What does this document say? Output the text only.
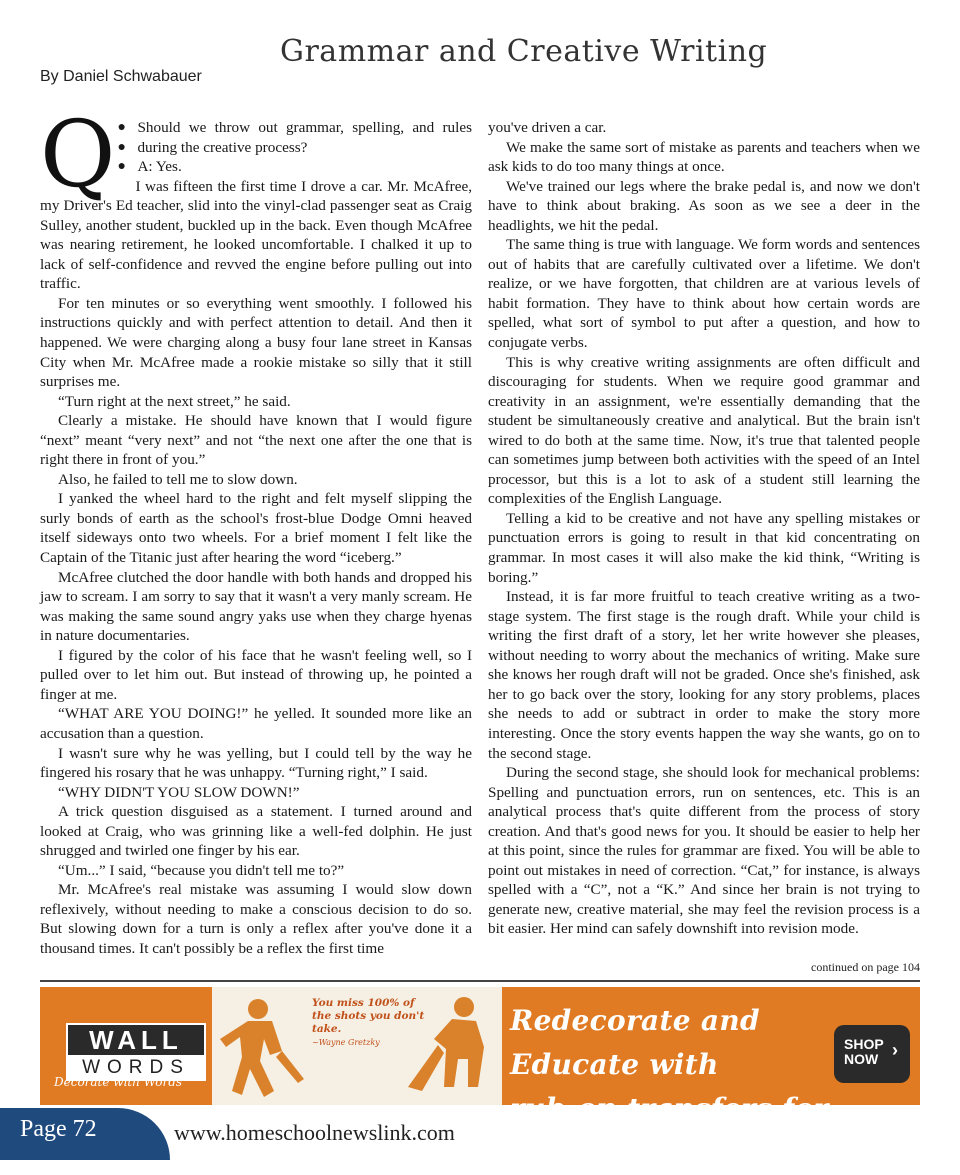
Grammar and Creative Writing
By Daniel Schwabauer
Q ●
●
●

Should we throw out grammar, spelling, and rules during the creative process?

A: Yes.

I was fifteen the first time I drove a car. Mr. McAfree, my Driver's Ed teacher, slid into the vinyl-clad passenger seat as Craig Sulley, another student, buckled up in the back. Even though McAfree was nearing retirement, he looked uncomfortable. I chalked it up to lack of self-confidence and revved the engine before pulling out into traffic.

For ten minutes or so everything went smoothly. I followed his instructions quickly and with perfect attention to detail. And then it happened. We were charging along a busy four lane street in Kansas City when Mr. McAfree made a rookie mistake so silly that it still surprises me.

“Turn right at the next street,” he said.

Clearly a mistake. He should have known that I would figure “next” meant “very next” and not “the next one after the one that is right there in front of you.”

Also, he failed to tell me to slow down.

I yanked the wheel hard to the right and felt myself slipping the surly bonds of earth as the school's frost-blue Dodge Omni heaved itself sideways onto two wheels. For a brief moment I felt like the Captain of the Titanic just after hearing the word “iceberg.”

McAfree clutched the door handle with both hands and dropped his jaw to scream. I am sorry to say that it wasn't a very manly scream. He was making the same sound angry yaks use when they charge hyenas in nature documentaries.

I figured by the color of his face that he wasn't feeling well, so I pulled over to let him out. But instead of throwing up, he pointed a finger at me.

“WHAT ARE YOU DOING!” he yelled. It sounded more like an accusation than a question.

I wasn't sure why he was yelling, but I could tell by the way he fingered his rosary that he was unhappy. “Turning right,” I said.

“WHY DIDN'T YOU SLOW DOWN!”

A trick question disguised as a statement. I turned around and looked at Craig, who was grinning like a well-fed dolphin. He just shrugged and twirled one finger by his ear.

“Um...” I said, “because you didn't tell me to?”

Mr. McAfree's real mistake was assuming I would slow down reflexively, without needing to make a conscious decision to do so. But slowing down for a turn is only a reflex after you've done it a thousand times. It can't possibly be a reflex the first time

you've driven a car.

We make the same sort of mistake as parents and teachers when we ask kids to do too many things at once.

We've trained our legs where the brake pedal is, and now we don't have to think about braking. As soon as we see a deer in the headlights, we hit the pedal.

The same thing is true with language. We form words and sentences out of habits that are carefully cultivated over a lifetime. We don't realize, or we have forgotten, that children are at various levels of habit formation. They have to think about how certain words are spelled, what sort of symbol to put after a question, and how to conjugate verbs.

This is why creative writing assignments are often difficult and discouraging for students. When we require good grammar and creativity in an assignment, we're essentially demanding that the student be simultaneously creative and analytical. But the brain isn't wired to do both at the same time. Now, it's true that talented people can sometimes jump between both activities with the speed of an Intel processor, but this is a lot to ask of a student still learning the complexities of the English Language.

Telling a kid to be creative and not have any spelling mistakes or punctuation errors is going to result in that kid concentrating on grammar. In most cases it will also make the kid think, “Writing is boring.”

Instead, it is far more fruitful to teach creative writing as a two-stage system. The first stage is the rough draft. While your child is writing the first draft of a story, let her write however she pleases, without needing to worry about the mechanics of writing. Make sure she knows her rough draft will not be graded. Once she's finished, ask her to go back over the story, looking for any story problems, places she needs to add or subtract in order to make the story more interesting. Once the story events happen the way she wants, go on to the second stage.

During the second stage, she should look for mechanical problems: Spelling and punctuation errors, run on sentences, etc. This is an analytical process that's quite different from the process of story creation. And that's good news for you. It should be easier to help her at this point, since the rules for grammar are fixed. You will be able to point out mistakes in need of correction. “Cat,” for instance, is always spelled with a “C”, not a “K.” And since her brain is not trying to generate new, creative material, she may feel the revision process is a bit easier. Her mind can safely downshift into revision mode.

continued on page 104
WALL
WORDS
Decorate with Words
You miss 100% of the shots you don't take.
~Wayne Gretzky
Redecorate and Educate with
rub-on transfers for walls!
SHOP
NOW ›
Page 72	www.homeschoolnewslink.com
